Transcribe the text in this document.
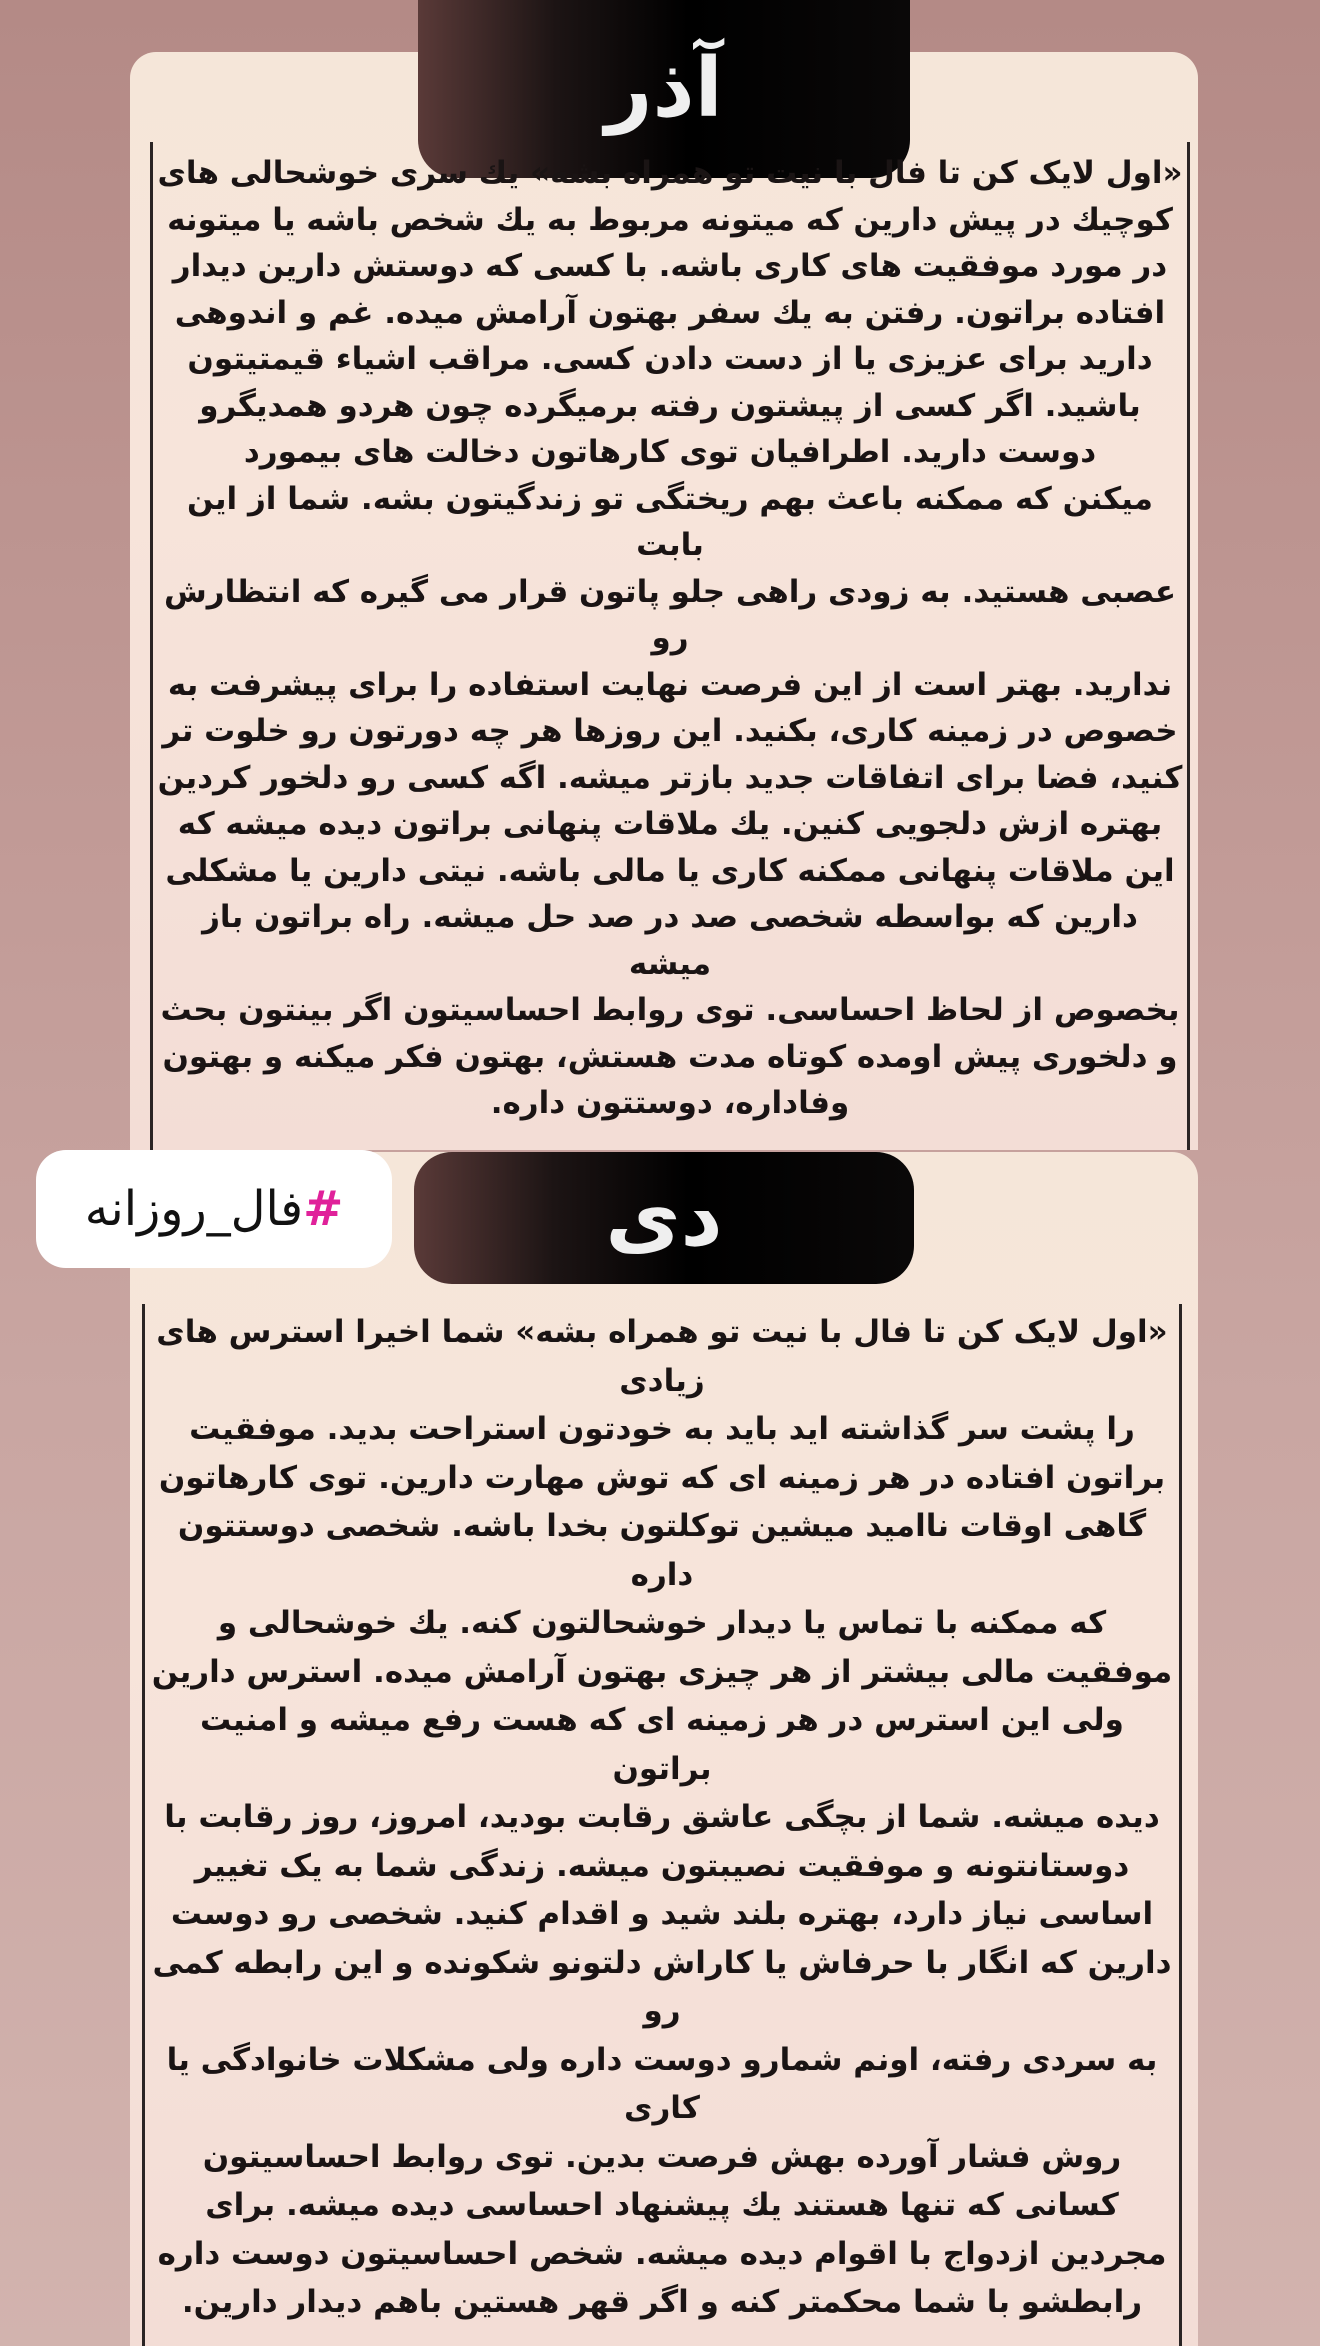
آذر
«اول لایک کن تا فال با نیت تو همراه بشه» یك سری خوشحالی های
کوچیك در پیش دارین که میتونه مربوط به یك شخص باشه یا میتونه
در مورد موفقیت های کاری باشه. با کسی که دوستش دارین دیدار
افتاده براتون. رفتن به یك سفر بهتون آرامش میده. غم و اندوهی
دارید برای عزیزی یا از دست دادن کسی. مراقب اشیاء قیمتیتون
باشید. اگر کسی از پیشتون رفته برمیگرده چون هردو همدیگرو
دوست دارید. اطرافیان توی کارهاتون دخالت های بیمورد
میکنن که ممکنه باعث بهم ریختگی تو زندگیتون بشه. شما از این بابت
عصبی هستید. به زودی راهی جلو پاتون قرار می گیره که انتظارش رو
ندارید. بهتر است از این فرصت نهایت استفاده را برای پیشرفت به
خصوص در زمینه کاری، بکنید. این روزها هر چه دورتون رو خلوت تر
کنید، فضا برای اتفاقات جدید بازتر میشه. اگه کسی رو دلخور کردین
بهتره ازش دلجویی کنین. یك ملاقات پنهانی براتون دیده میشه که
این ملاقات پنهانی ممکنه کاری یا مالی باشه. نیتی دارین یا مشکلی
دارین که بواسطه شخصی صد در صد حل میشه. راه براتون باز میشه
بخصوص از لحاظ احساسی. توی روابط احساسیتون اگر بینتون بحث
و دلخوری پیش اومده کوتاه مدت هستش، بهتون فکر میکنه و بهتون
وفاداره، دوستتون داره.
دی
«اول لایک کن تا فال با نیت تو همراه بشه» شما اخیرا استرس های زیادی
را پشت سر گذاشته اید باید به خودتون استراحت بدید. موفقیت
براتون افتاده در هر زمینه ای که توش مهارت دارین. توی کارهاتون
گاهی اوقات ناامید میشین توکلتون بخدا باشه. شخصی دوستتون داره
که ممکنه با تماس یا دیدار خوشحالتون کنه. یك خوشحالی و
موفقیت مالی بیشتر از هر چیزی بهتون آرامش میده. استرس دارین
ولی این استرس در هر زمینه ای که هست رفع میشه و امنیت براتون
دیده میشه. شما از بچگی عاشق رقابت بودید، امروز، روز رقابت با
دوستانتونه و موفقیت نصیبتون میشه. زندگی شما به یک تغییر
اساسی نیاز دارد، بهتره بلند شید و اقدام کنید. شخصی رو دوست
دارین که انگار با حرفاش یا کاراش دلتونو شکونده و این رابطه کمی رو
به سردی رفته، اونم شمارو دوست داره ولی مشکلات خانوادگی یا کاری
روش فشار آورده بهش فرصت بدین. توی روابط احساسیتون
کسانی که تنها هستند یك پیشنهاد احساسی دیده میشه. برای
مجردین ازدواج با اقوام دیده میشه. شخص احساسیتون دوست داره
رابطشو با شما محکمتر کنه و اگر قهر هستین باهم دیدار دارین.
#
فال_روزانه
